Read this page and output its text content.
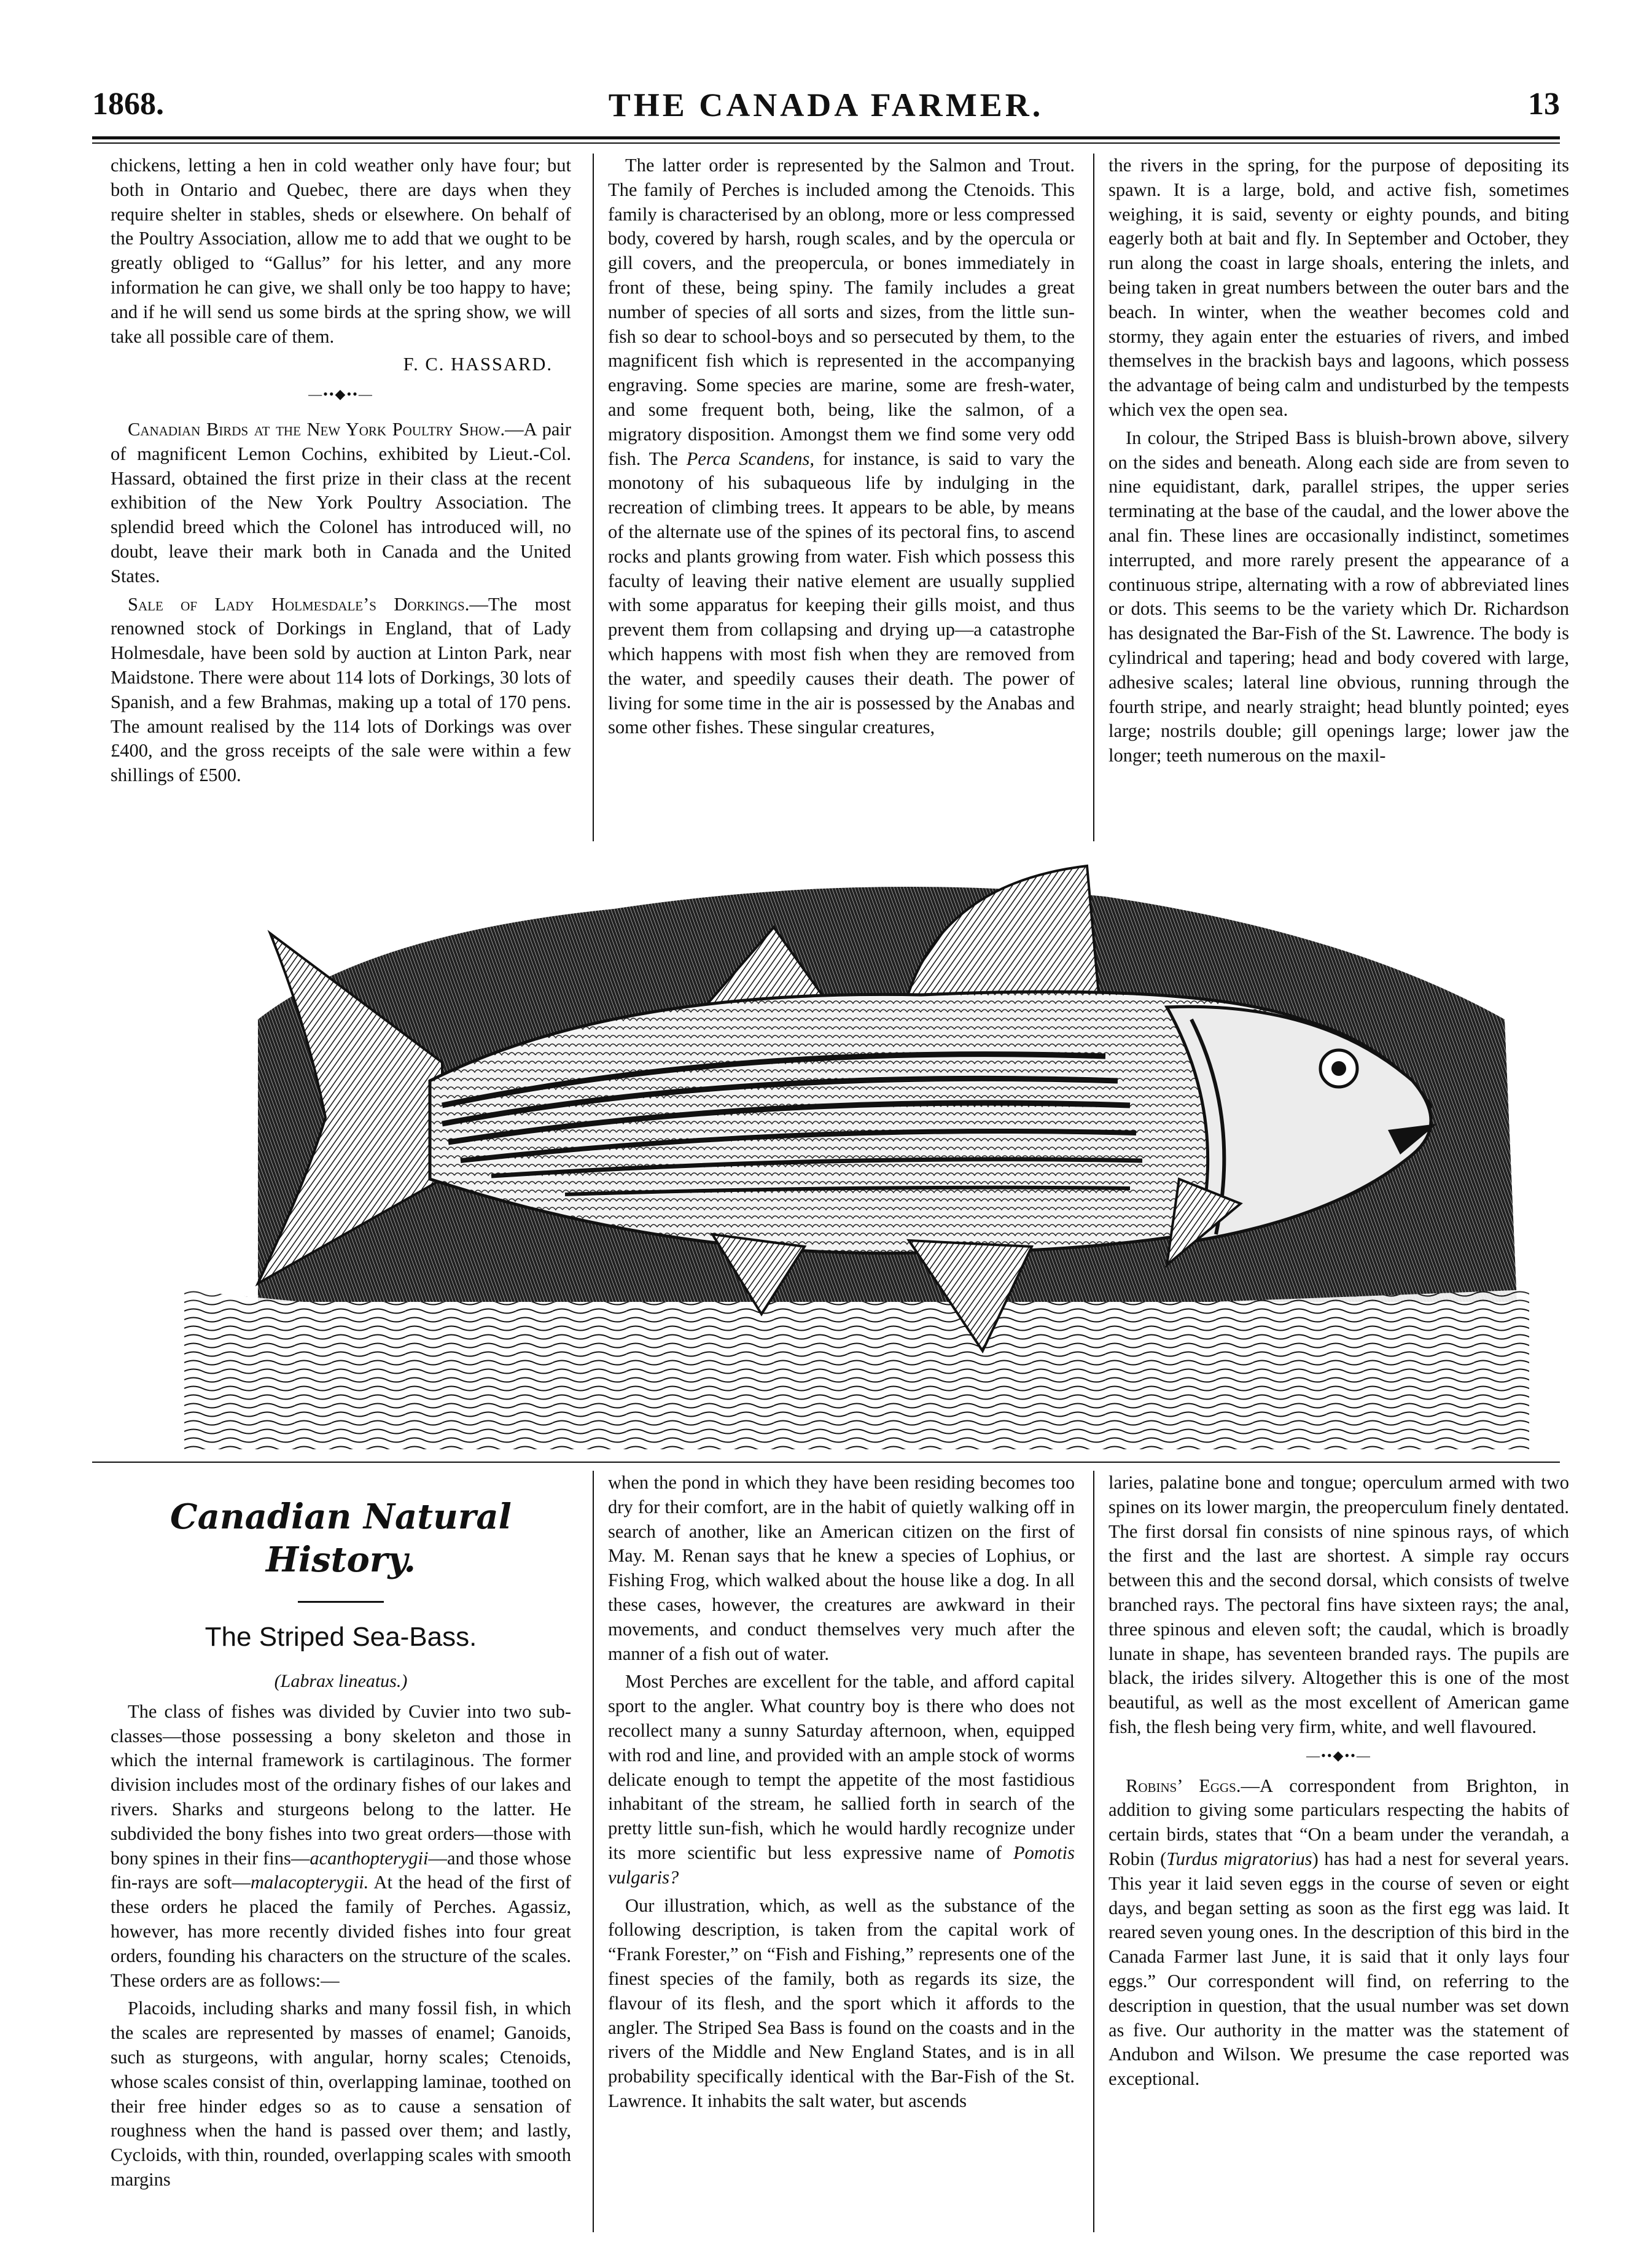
1868.	THE CANADA FARMER.	13

chickens, letting a hen in cold weather only have four; but both in Ontario and Quebec, there are days when they require shelter in stables, sheds or elsewhere. On behalf of the Poultry Association, allow me to add that we ought to be greatly obliged to “Gallus” for his letter, and any more information he can give, we shall only be too happy to have; and if he will send us some birds at the spring show, we will take all possible care of them.

F. C. HASSARD.
—••◆••—

Canadian Birds at the New York Poultry Show.—A pair of magnificent Lemon Cochins, exhibited by Lieut.-Col. Hassard, obtained the first prize in their class at the recent exhibition of the New York Poultry Association. The splendid breed which the Colonel has introduced will, no doubt, leave their mark both in Canada and the United States.

Sale of Lady Holmesdale’s Dorkings.—The most renowned stock of Dorkings in England, that of Lady Holmesdale, have been sold by auction at Linton Park, near Maidstone. There were about 114 lots of Dorkings, 30 lots of Spanish, and a few Brahmas, making up a total of 170 pens. The amount realised by the 114 lots of Dorkings was over £400, and the gross receipts of the sale were within a few shillings of £500.

The latter order is represented by the Salmon and Trout. The family of Perches is included among the Ctenoids. This family is characterised by an oblong, more or less compressed body, covered by harsh, rough scales, and by the opercula or gill covers, and the preopercula, or bones immediately in front of these, being spiny. The family includes a great number of species of all sorts and sizes, from the little sun-fish so dear to school-boys and so persecuted by them, to the magnificent fish which is represented in the accompanying engraving. Some species are marine, some are fresh-water, and some frequent both, being, like the salmon, of a migratory disposition. Amongst them we find some very odd fish. The Perca Scandens, for instance, is said to vary the monotony of his subaqueous life by indulging in the recreation of climbing trees. It appears to be able, by means of the alternate use of the spines of its pectoral fins, to ascend rocks and plants growing from water. Fish which possess this faculty of leaving their native element are usually supplied with some apparatus for keeping their gills moist, and thus prevent them from collapsing and drying up—a catastrophe which happens with most fish when they are removed from the water, and speedily causes their death. The power of living for some time in the air is possessed by the Anabas and some other fishes. These singular creatures,

the rivers in the spring, for the purpose of depositing its spawn. It is a large, bold, and active fish, sometimes weighing, it is said, seventy or eighty pounds, and biting eagerly both at bait and fly. In September and October, they run along the coast in large shoals, entering the inlets, and being taken in great numbers between the outer bars and the beach. In winter, when the weather becomes cold and stormy, they again enter the estuaries of rivers, and imbed themselves in the brackish bays and lagoons, which possess the advantage of being calm and undisturbed by the tempests which vex the open sea.

In colour, the Striped Bass is bluish-brown above, silvery on the sides and beneath. Along each side are from seven to nine equidistant, dark, parallel stripes, the upper series terminating at the base of the caudal, and the lower above the anal fin. These lines are occasionally indistinct, sometimes interrupted, and more rarely present the appearance of a continuous stripe, alternating with a row of abbreviated lines or dots. This seems to be the variety which Dr. Richardson has designated the Bar-Fish of the St. Lawrence. The body is cylindrical and tapering; head and body covered with large, adhesive scales; lateral line obvious, running through the fourth stripe, and nearly straight; head bluntly pointed; eyes large; nostrils double; gill openings large; lower jaw the longer; teeth numerous on the maxil-

Canadian Natural History.
The Striped Sea-Bass.
(Labrax lineatus.)

The class of fishes was divided by Cuvier into two sub-classes—those possessing a bony skeleton and those in which the internal framework is cartilaginous. The former division includes most of the ordinary fishes of our lakes and rivers. Sharks and sturgeons belong to the latter. He subdivided the bony fishes into two great orders—those with bony spines in their fins—acanthopterygii—and those whose fin-rays are soft—malacopterygii. At the head of the first of these orders he placed the family of Perches. Agassiz, however, has more recently divided fishes into four great orders, founding his characters on the structure of the scales. These orders are as follows:—

Placoids, including sharks and many fossil fish, in which the scales are represented by masses of enamel; Ganoids, such as sturgeons, with angular, horny scales; Ctenoids, whose scales consist of thin, overlapping laminae, toothed on their free hinder edges so as to cause a sensation of roughness when the hand is passed over them; and lastly, Cycloids, with thin, rounded, overlapping scales with smooth margins

when the pond in which they have been residing becomes too dry for their comfort, are in the habit of quietly walking off in search of another, like an American citizen on the first of May. M. Renan says that he knew a species of Lophius, or Fishing Frog, which walked about the house like a dog. In all these cases, however, the creatures are awkward in their movements, and conduct themselves very much after the manner of a fish out of water.

Most Perches are excellent for the table, and afford capital sport to the angler. What country boy is there who does not recollect many a sunny Saturday afternoon, when, equipped with rod and line, and provided with an ample stock of worms delicate enough to tempt the appetite of the most fastidious inhabitant of the stream, he sallied forth in search of the pretty little sun-fish, which he would hardly recognize under its more scientific but less expressive name of Pomotis vulgaris?

Our illustration, which, as well as the substance of the following description, is taken from the capital work of “Frank Forester,” on “Fish and Fishing,” represents one of the finest species of the family, both as regards its size, the flavour of its flesh, and the sport which it affords to the angler. The Striped Sea Bass is found on the coasts and in the rivers of the Middle and New England States, and is in all probability specifically identical with the Bar-Fish of the St. Lawrence. It inhabits the salt water, but ascends

laries, palatine bone and tongue; operculum armed with two spines on its lower margin, the preoperculum finely dentated. The first dorsal fin consists of nine spinous rays, of which the first and the last are shortest. A simple ray occurs between this and the second dorsal, which consists of twelve branched rays. The pectoral fins have sixteen rays; the anal, three spinous and eleven soft; the caudal, which is broadly lunate in shape, has seventeen branded rays. The pupils are black, the irides silvery. Altogether this is one of the most beautiful, as well as the most excellent of American game fish, the flesh being very firm, white, and well flavoured.

—••◆••—

Robins’ Eggs.—A correspondent from Brighton, in addition to giving some particulars respecting the habits of certain birds, states that “On a beam under the verandah, a Robin (Turdus migratorius) has had a nest for several years. This year it laid seven eggs in the course of seven or eight days, and began setting as soon as the first egg was laid. It reared seven young ones. In the description of this bird in the Canada Farmer last June, it is said that it only lays four eggs.” Our correspondent will find, on referring to the description in question, that the usual number was set down as five. Our authority in the matter was the statement of Andubon and Wilson. We presume the case reported was exceptional.
